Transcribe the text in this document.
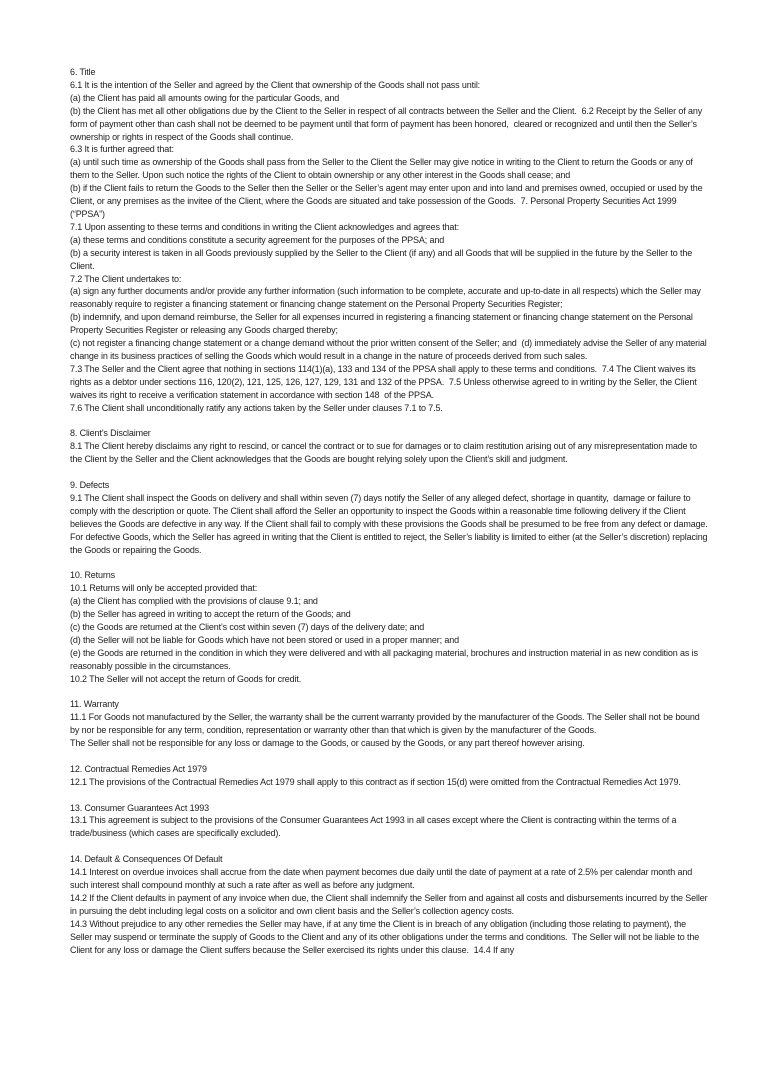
6. Title

6.1 It is the intention of the Seller and agreed by the Client that ownership of the Goods shall not pass until:

(a) the Client has paid all amounts owing for the particular Goods, and

(b) the Client has met all other obligations due by the Client to the Seller in respect of all contracts between the Seller and the Client.  6.2 Receipt by the Seller of any form of payment other than cash shall not be deemed to be payment until that form of payment has been honored,  cleared or recognized and until then the Seller’s ownership or rights in respect of the Goods shall continue.

6.3 It is further agreed that:

(a) until such time as ownership of the Goods shall pass from the Seller to the Client the Seller may give notice in writing to the Client to return the Goods or any of them to the Seller. Upon such notice the rights of the Client to obtain ownership or any other interest in the Goods shall cease; and

(b) if the Client fails to return the Goods to the Seller then the Seller or the Seller’s agent may enter upon and into land and premises owned, occupied or used by the Client, or any premises as the invitee of the Client, where the Goods are situated and take possession of the Goods.  7. Personal Property Securities Act 1999 (“PPSA”)

7.1 Upon assenting to these terms and conditions in writing the Client acknowledges and agrees that:

(a) these terms and conditions constitute a security agreement for the purposes of the PPSA; and

(b) a security interest is taken in all Goods previously supplied by the Seller to the Client (if any) and all Goods that will be supplied in the future by the Seller to the Client.

7.2 The Client undertakes to:

(a) sign any further documents and/or provide any further information (such information to be complete, accurate and up-to-date in all respects) which the Seller may reasonably require to register a financing statement or financing change statement on the Personal Property Securities Register;

(b) indemnify, and upon demand reimburse, the Seller for all expenses incurred in registering a financing statement or financing change statement on the Personal Property Securities Register or releasing any Goods charged thereby;

(c) not register a financing change statement or a change demand without the prior written consent of the Seller; and  (d) immediately advise the Seller of any material change in its business practices of selling the Goods which would result in a change in the nature of proceeds derived from such sales.

7.3 The Seller and the Client agree that nothing in sections 114(1)(a), 133 and 134 of the PPSA shall apply to these terms and conditions.  7.4 The Client waives its rights as a debtor under sections 116, 120(2), 121, 125, 126, 127, 129, 131 and 132 of the PPSA.  7.5 Unless otherwise agreed to in writing by the Seller, the Client waives its right to receive a verification statement in accordance with section 148  of the PPSA.

7.6 The Client shall unconditionally ratify any actions taken by the Seller under clauses 7.1 to 7.5.

8. Client’s Disclaimer

8.1 The Client hereby disclaims any right to rescind, or cancel the contract or to sue for damages or to claim restitution arising out of any misrepresentation made to the Client by the Seller and the Client acknowledges that the Goods are bought relying solely upon the Client’s skill and judgment.

9. Defects

9.1 The Client shall inspect the Goods on delivery and shall within seven (7) days notify the Seller of any alleged defect, shortage in quantity,  damage or failure to comply with the description or quote. The Client shall afford the Seller an opportunity to inspect the Goods within a reasonable time following delivery if the Client believes the Goods are defective in any way. If the Client shall fail to comply with these provisions the Goods shall be presumed to be free from any defect or damage. For defective Goods, which the Seller has agreed in writing that the Client is entitled to reject, the Seller’s liability is limited to either (at the Seller’s discretion) replacing the Goods or repairing the Goods.

10. Returns

10.1 Returns will only be accepted provided that:

(a) the Client has complied with the provisions of clause 9.1; and

(b) the Seller has agreed in writing to accept the return of the Goods; and

(c) the Goods are returned at the Client’s cost within seven (7) days of the delivery date; and

(d) the Seller will not be liable for Goods which have not been stored or used in a proper manner; and

(e) the Goods are returned in the condition in which they were delivered and with all packaging material, brochures and instruction material in as new condition as is reasonably possible in the circumstances.

10.2 The Seller will not accept the return of Goods for credit.

11. Warranty

11.1 For Goods not manufactured by the Seller, the warranty shall be the current warranty provided by the manufacturer of the Goods. The Seller shall not be bound by nor be responsible for any term, condition, representation or warranty other than that which is given by the manufacturer of the Goods.

The Seller shall not be responsible for any loss or damage to the Goods, or caused by the Goods, or any part thereof however arising.

12. Contractual Remedies Act 1979

12.1 The provisions of the Contractual Remedies Act 1979 shall apply to this contract as if section 15(d) were omitted from the Contractual Remedies Act 1979.

13. Consumer Guarantees Act 1993

13.1 This agreement is subject to the provisions of the Consumer Guarantees Act 1993 in all cases except where the Client is contracting within the terms of a trade/business (which cases are specifically excluded).

14. Default & Consequences Of Default

14.1 Interest on overdue invoices shall accrue from the date when payment becomes due daily until the date of payment at a rate of 2.5% per calendar month and such interest shall compound monthly at such a rate after as well as before any judgment.

14.2 If the Client defaults in payment of any invoice when due, the Client shall indemnify the Seller from and against all costs and disbursements incurred by the Seller in pursuing the debt including legal costs on a solicitor and own client basis and the Seller’s collection agency costs.

14.3 Without prejudice to any other remedies the Seller may have, if at any time the Client is in breach of any obligation (including those relating to payment), the Seller may suspend or terminate the supply of Goods to the Client and any of its other obligations under the terms and conditions.  The Seller will not be liable to the Client for any loss or damage the Client suffers because the Seller exercised its rights under this clause.  14.4 If any
